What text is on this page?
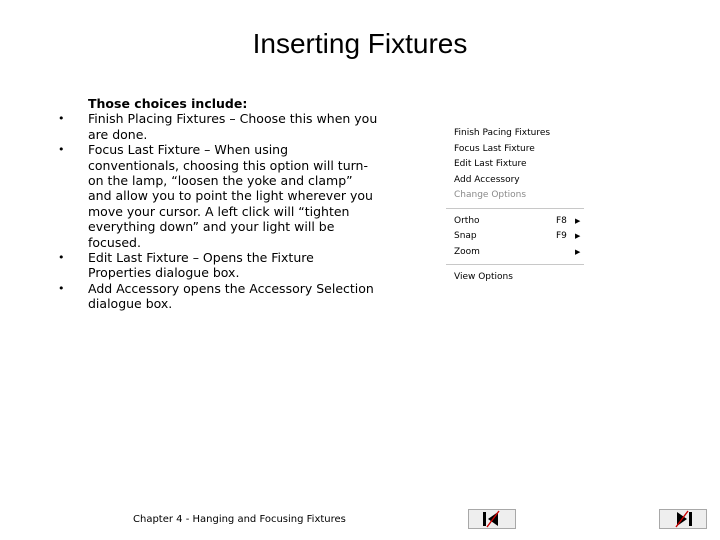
Inserting Fixtures
Those choices include:
• Finish Placing Fixtures – Choose this when you are done.
• Focus Last Fixture – When using conventionals, choosing this option will turn-on the lamp, “loosen the yoke and clamp” and allow you to point the light wherever you move your cursor. A left click will “tighten everything down” and your light will be focused.
• Edit Last Fixture – Opens the Fixture Properties dialogue box.
• Add Accessory opens the Accessory Selection dialogue box.
Finish Pacing Fixtures
Focus Last Fixture
Edit Last Fixture
Add Accessory
Change Options
Ortho	F8 ▶
Snap	F9 ▶
Zoom	▶
View Options
Chapter 4 - Hanging and Focusing Fixtures
